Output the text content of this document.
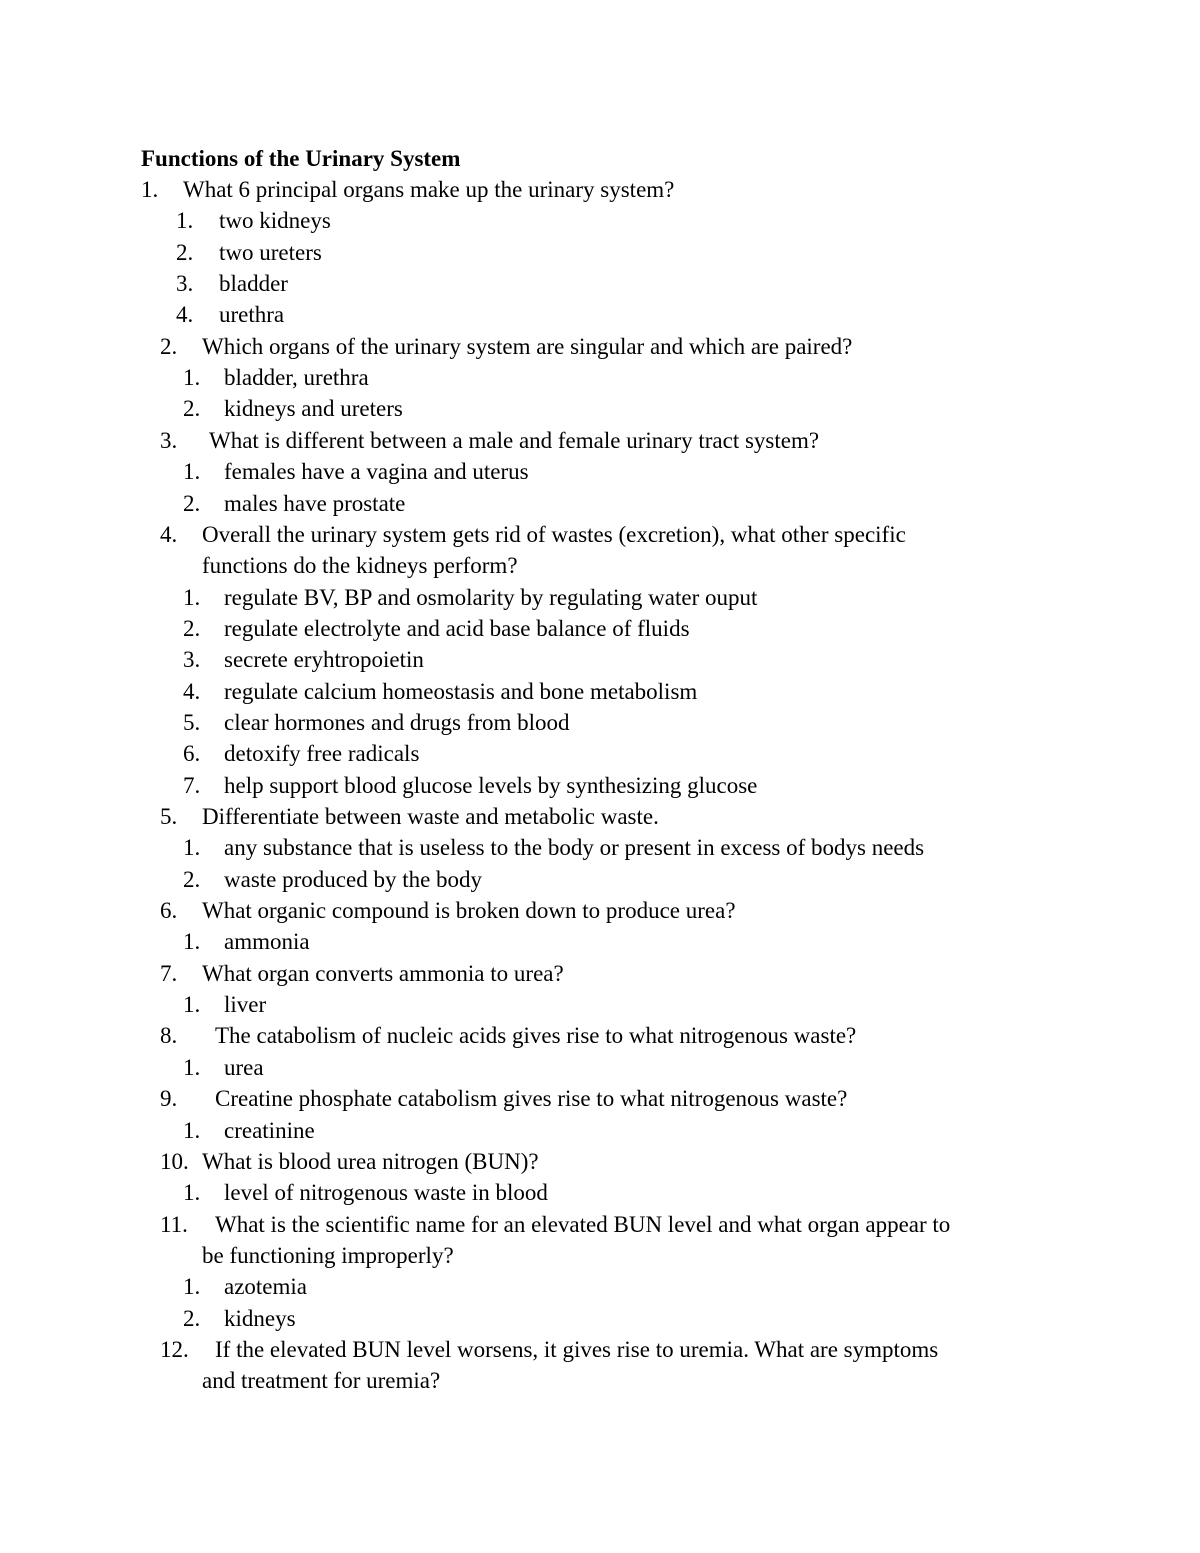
Functions of the Urinary System
1. What 6 principal organs make up the urinary system?
1. two kidneys
2. two ureters
3. bladder
4. urethra
2. Which organs of the urinary system are singular and which are paired?
1. bladder, urethra
2. kidneys and ureters
3. What is different between a male and female urinary tract system?
1. females have a vagina and uterus
2. males have prostate
4. Overall the urinary system gets rid of wastes (excretion), what other specific
functions do the kidneys perform?
1. regulate BV, BP and osmolarity by regulating water ouput
2. regulate electrolyte and acid base balance of fluids
3. secrete eryhtropoietin
4. regulate calcium homeostasis and bone metabolism
5. clear hormones and drugs from blood
6. detoxify free radicals
7. help support blood glucose levels by synthesizing glucose
5. Differentiate between waste and metabolic waste.
1. any substance that is useless to the body or present in excess of bodys needs
2. waste produced by the body
6. What organic compound is broken down to produce urea?
1. ammonia
7. What organ converts ammonia to urea?
1. liver
8. The catabolism of nucleic acids gives rise to what nitrogenous waste?
1. urea
9. Creatine phosphate catabolism gives rise to what nitrogenous waste?
1. creatinine
10. What is blood urea nitrogen (BUN)?
1. level of nitrogenous waste in blood
11. What is the scientific name for an elevated BUN level and what organ appear to
be functioning improperly?
1. azotemia
2. kidneys
12. If the elevated BUN level worsens, it gives rise to uremia. What are symptoms
and treatment for uremia?
